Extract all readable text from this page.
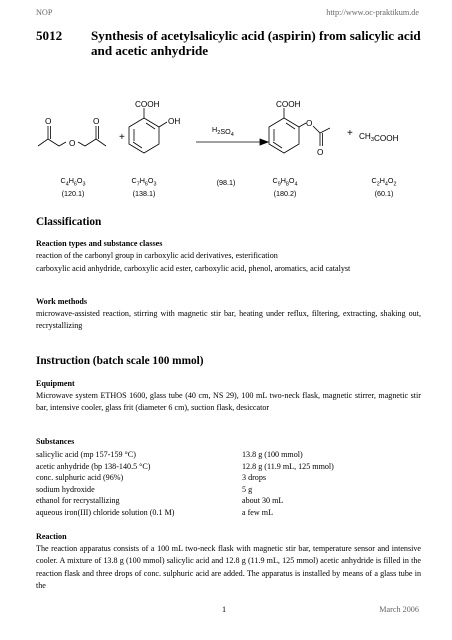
NOP	http://www.oc-praktikum.de
5012	Synthesis of acetylsalicylic acid (aspirin) from salicylic acid and acetic anhydride
O	O
O
+
COOH
OH
$H_2SO_4$
COOH
O
O
+ $CH_3COOH$
$C_4H_6O_3$
(120.1)
$C_7H_6O_3$
(138.1)
(98.1)	$C_9H_8O_4$
(180.2)
$C_2H_4O_2$
(60.1)
Classification
Reaction types and substance classes
reaction of the carbonyl group in carboxylic acid derivatives, esterification
carboxylic acid anhydride, carboxylic acid ester, carboxylic acid, phenol, aromatics, acid catalyst
Work methods
microwave-assisted reaction, stirring with magnetic stir bar, heating under reflux, filtering, extracting, shaking out, recrystallizing
Instruction (batch scale 100 mmol)
Equipment
Microwave system ETHOS 1600, glass tube (40 cm, NS 29), 100 mL two-neck flask, magnetic stirrer, magnetic stir bar, intensive cooler, glass frit (diameter 6 cm), suction flask, desiccator
Substances
salicylic acid (mp 157-159 °C)	13.8 g (100 mmol)
acetic anhydride (bp 138-140.5 °C)	12.8 g (11.9 mL, 125 mmol)
conc. sulphuric acid (96%)	3 drops
sodium hydroxide	5 g
ethanol for recrystallizing	about 30 mL
aqueous iron(III) chloride solution (0.1 M)	a few mL
Reaction
The reaction apparatus consists of a 100 mL two-neck flask with magnetic stir bar, temperature sensor and intensive cooler. A mixture of 13.8 g (100 mmol) salicylic acid and 12.8 g (11.9 mL, 125 mmol) acetic anhydride is filled in the reaction flask and three drops of conc. sulphuric acid are added. The apparatus is installed by means of a glass tube in the
1	March 2006
